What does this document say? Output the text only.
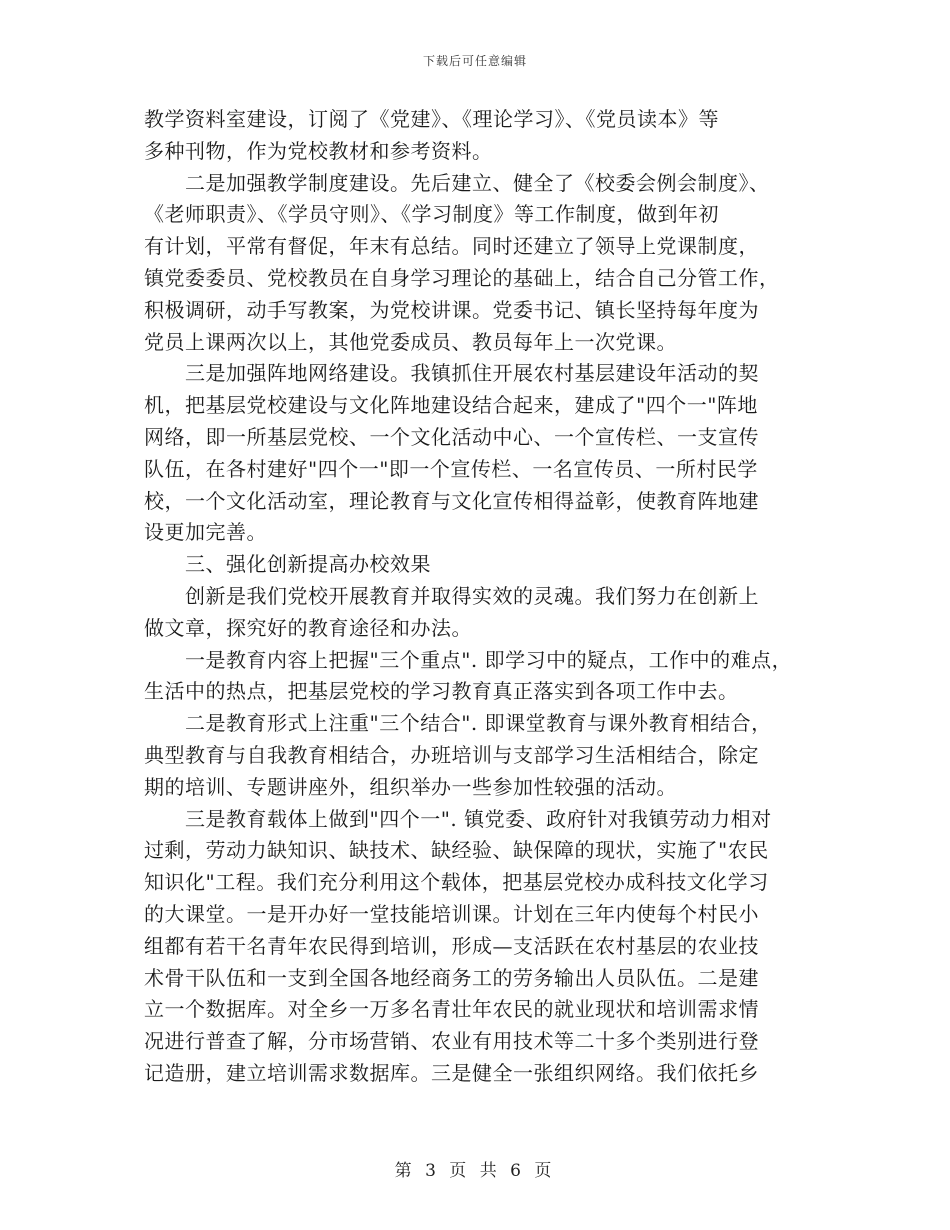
下载后可任意编辑
教学资料室建设，订阅了《党建》、《理论学习》、《党员读本》等
多种刊物，作为党校教材和参考资料。
二是加强教学制度建设。先后建立、健全了《校委会例会制度》、
《老师职责》、《学员守则》、《学习制度》等工作制度，做到年初
有计划，平常有督促，年末有总结。同时还建立了领导上党课制度，
镇党委委员、党校教员在自身学习理论的基础上，结合自己分管工作，
积极调研，动手写教案，为党校讲课。党委书记、镇长坚持每年度为
党员上课两次以上，其他党委成员、教员每年上一次党课。
三是加强阵地网络建设。我镇抓住开展农村基层建设年活动的契
机，把基层党校建设与文化阵地建设结合起来，建成了"四个一"阵地
网络，即一所基层党校、一个文化活动中心、一个宣传栏、一支宣传
队伍，在各村建好"四个一"即一个宣传栏、一名宣传员、一所村民学
校，一个文化活动室，理论教育与文化宣传相得益彰，使教育阵地建
设更加完善。
三、强化创新提高办校效果
创新是我们党校开展教育并取得实效的灵魂。我们努力在创新上
做文章，探究好的教育途径和办法。
一是教育内容上把握"三个重点". 即学习中的疑点，工作中的难点，
生活中的热点，把基层党校的学习教育真正落实到各项工作中去。
二是教育形式上注重"三个结合". 即课堂教育与课外教育相结合，
典型教育与自我教育相结合，办班培训与支部学习生活相结合，除定
期的培训、专题讲座外，组织举办一些参加性较强的活动。
三是教育载体上做到"四个一". 镇党委、政府针对我镇劳动力相对
过剩，劳动力缺知识、缺技术、缺经验、缺保障的现状，实施了"农民
知识化"工程。我们充分利用这个载体，把基层党校办成科技文化学习
的大课堂。一是开办好一堂技能培训课。计划在三年内使每个村民小
组都有若干名青年农民得到培训，形成—支活跃在农村基层的农业技
术骨干队伍和一支到全国各地经商务工的劳务输出人员队伍。二是建
立一个数据库。对全乡一万多名青壮年农民的就业现状和培训需求情
况进行普查了解，分市场营销、农业有用技术等二十多个类别进行登
记造册，建立培训需求数据库。三是健全一张组织网络。我们依托乡
第 3 页 共 6 页
